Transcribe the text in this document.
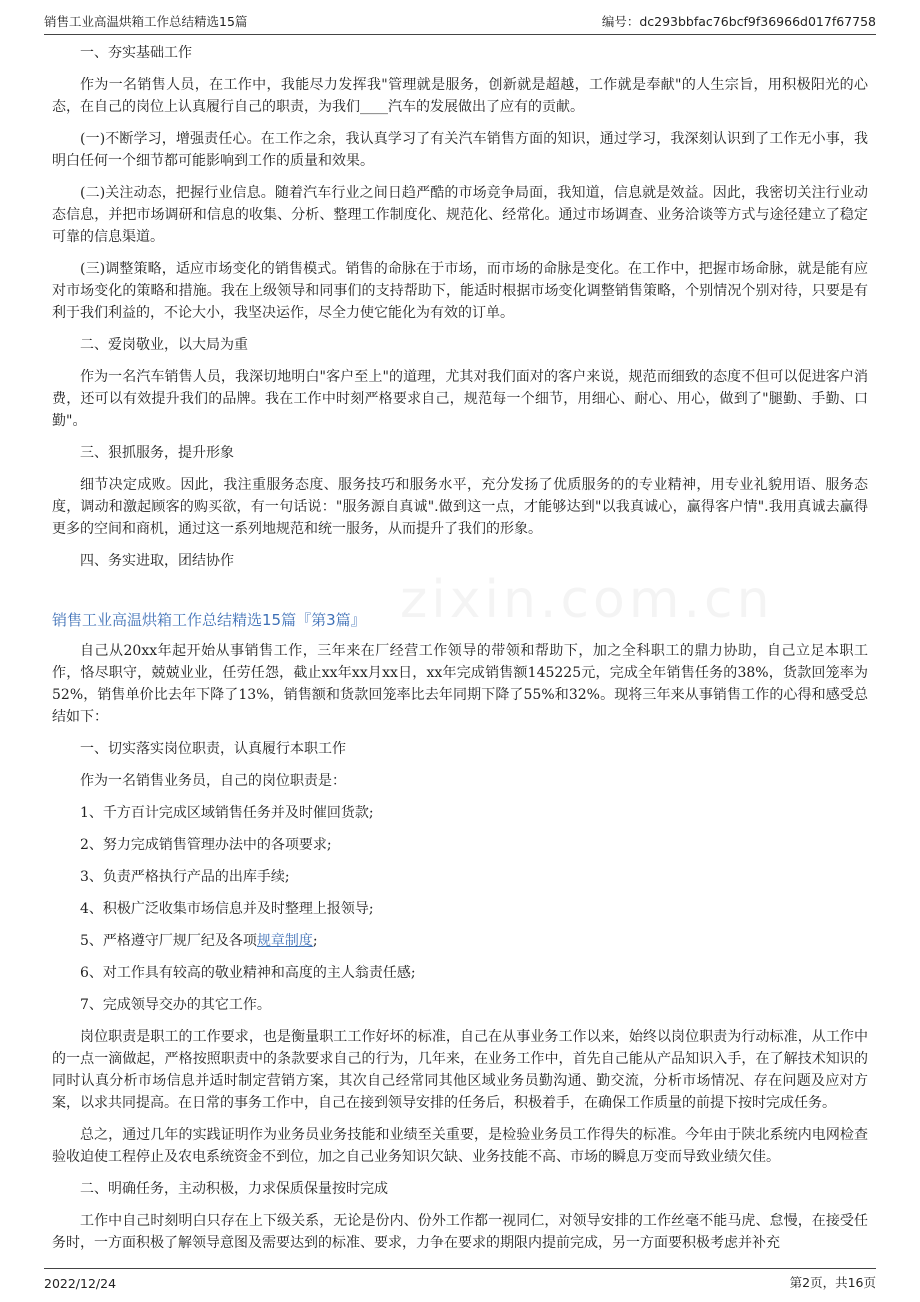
销售工业高温烘箱工作总结精选15篇	编号：dc293bbfac76bcf9f36966d017f67758
zixin.com.cn

一、夯实基础工作

作为一名销售人员，在工作中，我能尽力发挥我"管理就是服务，创新就是超越，工作就是奉献"的人生宗旨，用积极阳光的心态，在自己的岗位上认真履行自己的职责，为我们____汽车的发展做出了应有的贡献。

(一)不断学习，增强责任心。在工作之余，我认真学习了有关汽车销售方面的知识，通过学习，我深刻认识到了工作无小事，我明白任何一个细节都可能影响到工作的质量和效果。

(二)关注动态，把握行业信息。随着汽车行业之间日趋严酷的市场竞争局面，我知道，信息就是效益。因此，我密切关注行业动态信息，并把市场调研和信息的收集、分析、整理工作制度化、规范化、经常化。通过市场调查、业务洽谈等方式与途径建立了稳定可靠的信息渠道。

(三)调整策略，适应市场变化的销售模式。销售的命脉在于市场，而市场的命脉是变化。在工作中，把握市场命脉，就是能有应对市场变化的策略和措施。我在上级领导和同事们的支持帮助下，能适时根据市场变化调整销售策略，个别情况个别对待，只要是有利于我们利益的，不论大小，我坚决运作，尽全力使它能化为有效的订单。

二、爱岗敬业，以大局为重

作为一名汽车销售人员，我深切地明白"客户至上"的道理，尤其对我们面对的客户来说，规范而细致的态度不但可以促进客户消费，还可以有效提升我们的品牌。我在工作中时刻严格要求自己，规范每一个细节，用细心、耐心、用心，做到了"腿勤、手勤、口勤"。

三、狠抓服务，提升形象

细节决定成败。因此，我注重服务态度、服务技巧和服务水平，充分发扬了优质服务的的专业精神，用专业礼貌用语、服务态度，调动和激起顾客的购买欲，有一句话说："服务源自真诚".做到这一点，才能够达到"以我真诚心，赢得客户情".我用真诚去赢得更多的空间和商机，通过这一系列地规范和统一服务，从而提升了我们的形象。

四、务实进取，团结协作

销售工业高温烘箱工作总结精选15篇『第3篇』

自己从20xx年起开始从事销售工作，三年来在厂经营工作领导的带领和帮助下，加之全科职工的鼎力协助，自己立足本职工作，恪尽职守，兢兢业业，任劳任怨，截止xx年xx月xx日，xx年完成销售额145225元，完成全年销售任务的38%，货款回笼率为52%，销售单价比去年下降了13%，销售额和货款回笼率比去年同期下降了55%和32%。现将三年来从事销售工作的心得和感受总结如下：

一、切实落实岗位职责，认真履行本职工作

作为一名销售业务员，自己的岗位职责是：

1、千方百计完成区域销售任务并及时催回货款;

2、努力完成销售管理办法中的各项要求;

3、负责严格执行产品的出库手续;

4、积极广泛收集市场信息并及时整理上报领导;

5、严格遵守厂规厂纪及各项规章制度;

6、对工作具有较高的敬业精神和高度的主人翁责任感;

7、完成领导交办的其它工作。

岗位职责是职工的工作要求，也是衡量职工工作好坏的标准，自己在从事业务工作以来，始终以岗位职责为行动标准，从工作中的一点一滴做起，严格按照职责中的条款要求自己的行为，几年来，在业务工作中，首先自己能从产品知识入手，在了解技术知识的同时认真分析市场信息并适时制定营销方案，其次自己经常同其他区域业务员勤沟通、勤交流，分析市场情况、存在问题及应对方案，以求共同提高。在日常的事务工作中，自己在接到领导安排的任务后，积极着手，在确保工作质量的前提下按时完成任务。

总之，通过几年的实践证明作为业务员业务技能和业绩至关重要，是检验业务员工作得失的标准。今年由于陕北系统内电网检查验收迫使工程停止及农电系统资金不到位，加之自己业务知识欠缺、业务技能不高、市场的瞬息万变而导致业绩欠佳。

二、明确任务，主动积极，力求保质保量按时完成

工作中自己时刻明白只存在上下级关系，无论是份内、份外工作都一视同仁，对领导安排的工作丝毫不能马虎、怠慢，在接受任务时，一方面积极了解领导意图及需要达到的标准、要求，力争在要求的期限内提前完成，另一方面要积极考虑并补充

2022/12/24	第2页，共16页
